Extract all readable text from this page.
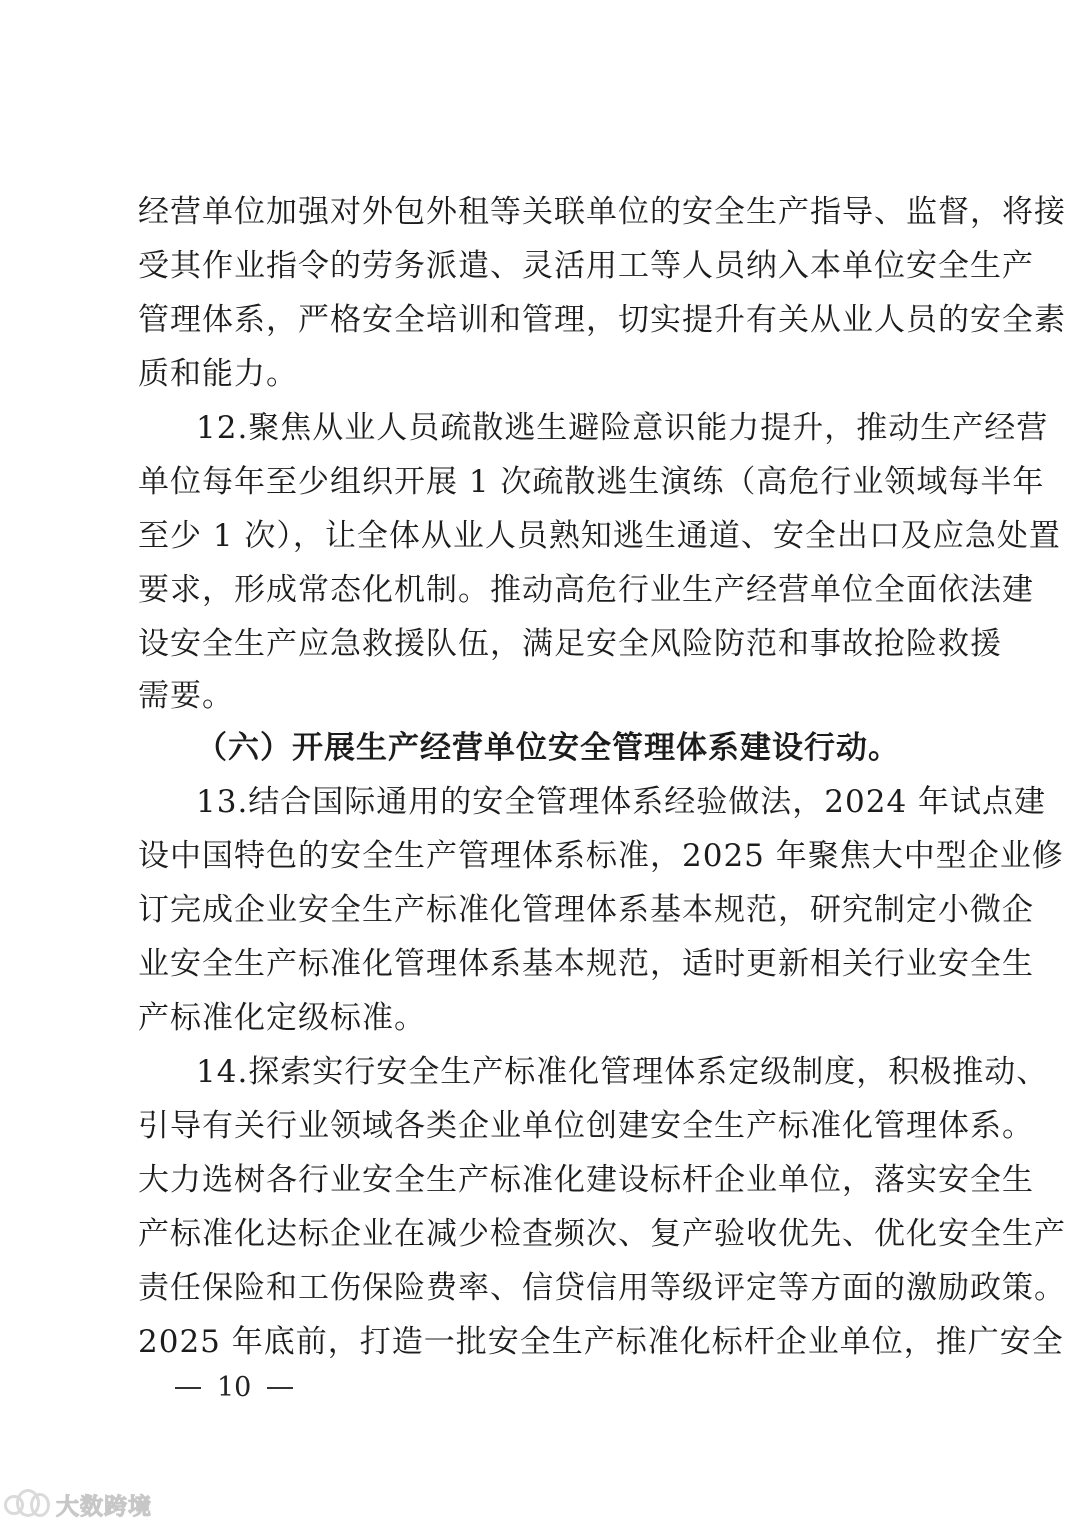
经营单位加强对外包外租等关联单位的安全生产指导、监督，将接
受其作业指令的劳务派遣、灵活用工等人员纳入本单位安全生产
管理体系，严格安全培训和管理，切实提升有关从业人员的安全素
质和能力。
12.聚焦从业人员疏散逃生避险意识能力提升，推动生产经营
单位每年至少组织开展 1 次疏散逃生演练（高危行业领域每半年
至少 1 次），让全体从业人员熟知逃生通道、安全出口及应急处置
要求，形成常态化机制。推动高危行业生产经营单位全面依法建
设安全生产应急救援队伍，满足安全风险防范和事故抢险救援
需要。
（六）开展生产经营单位安全管理体系建设行动。
13.结合国际通用的安全管理体系经验做法，2024 年试点建
设中国特色的安全生产管理体系标准，2025 年聚焦大中型企业修
订完成企业安全生产标准化管理体系基本规范，研究制定小微企
业安全生产标准化管理体系基本规范，适时更新相关行业安全生
产标准化定级标准。
14.探索实行安全生产标准化管理体系定级制度，积极推动、
引导有关行业领域各类企业单位创建安全生产标准化管理体系。
大力选树各行业安全生产标准化建设标杆企业单位，落实安全生
产标准化达标企业在减少检查频次、复产验收优先、优化安全生产
责任保险和工伤保险费率、信贷信用等级评定等方面的激励政策。
2025 年底前，打造一批安全生产标准化标杆企业单位，推广安全
10
大数跨境
